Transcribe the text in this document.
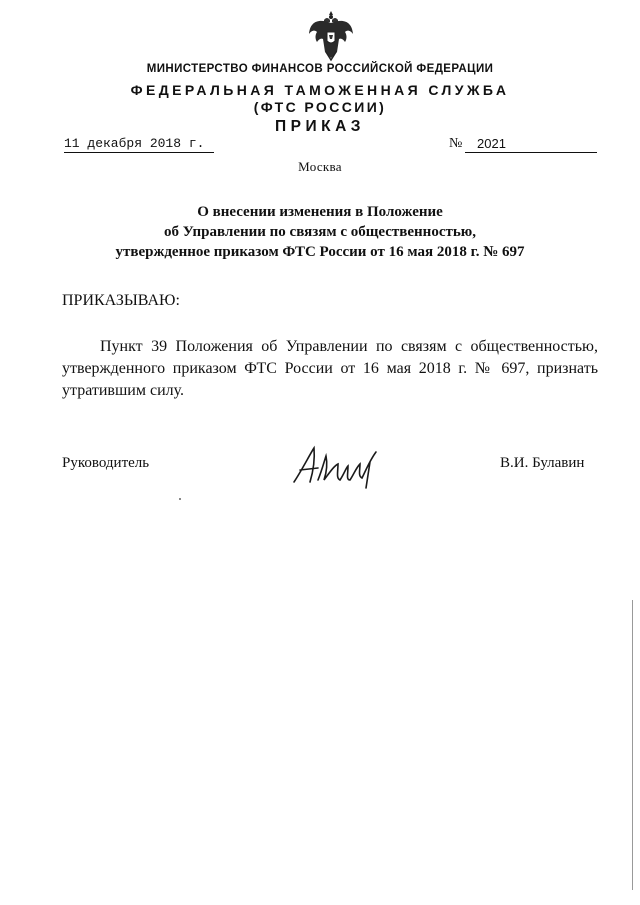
МИНИСТЕРСТВО ФИНАНСОВ РОССИЙСКОЙ ФЕДЕРАЦИИ
ФЕДЕРАЛЬНАЯ ТАМОЖЕННАЯ СЛУЖБА
(ФТС РОССИИ)
ПРИКАЗ
11 декабря 2018 г.	№	2021
Москва
О внесении изменения в Положение
об Управлении по связям с общественностью,
утвержденное приказом ФТС России от 16 мая 2018 г. № 697
ПРИКАЗЫВАЮ:
Пункт 39 Положения об Управлении по связям с общественностью, утвержденного приказом ФТС России от 16 мая 2018 г. № 697, признать утратившим силу.
Руководитель	В.И. Булавин
